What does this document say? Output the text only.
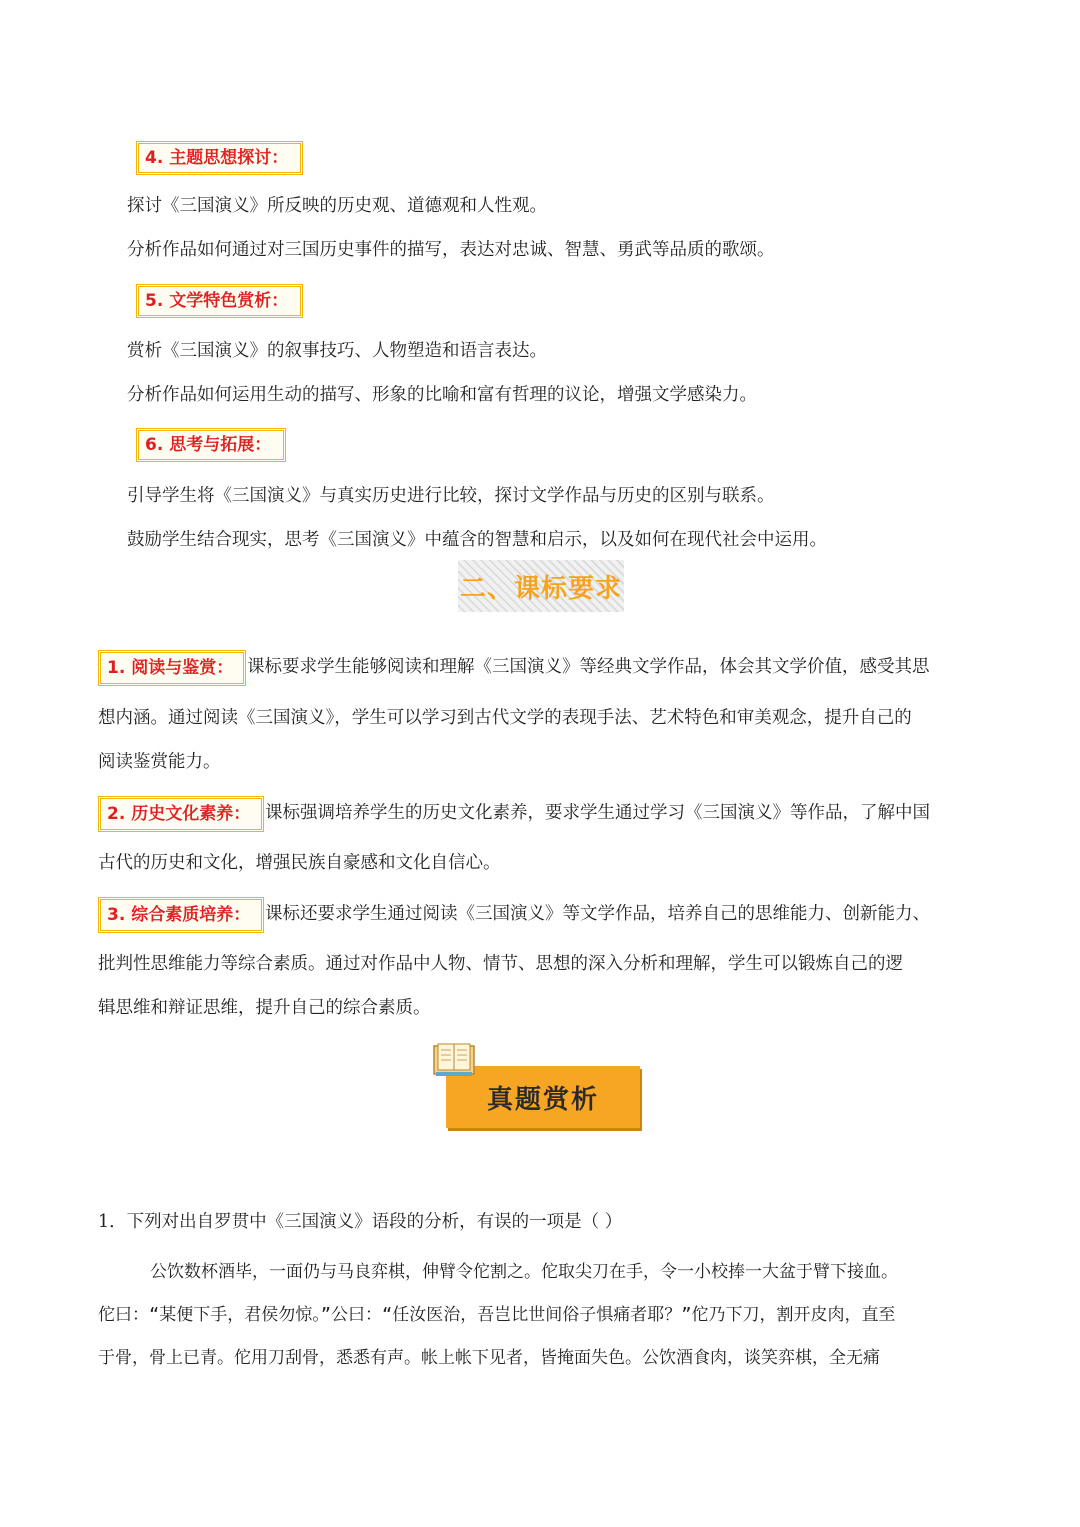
4. 主题思想探讨：
探讨《三国演义》所反映的历史观、道德观和人性观。
分析作品如何通过对三国历史事件的描写，表达对忠诚、智慧、勇武等品质的歌颂。
5. 文学特色赏析：
赏析《三国演义》的叙事技巧、人物塑造和语言表达。
分析作品如何运用生动的描写、形象的比喻和富有哲理的议论，增强文学感染力。
6. 思考与拓展：
引导学生将《三国演义》与真实历史进行比较，探讨文学作品与历史的区别与联系。
鼓励学生结合现实，思考《三国演义》中蕴含的智慧和启示，以及如何在现代社会中运用。
二、课标要求
1. 阅读与鉴赏： 课标要求学生能够阅读和理解《三国演义》等经典文学作品，体会其文学价值，感受其思
想内涵。通过阅读《三国演义》，学生可以学习到古代文学的表现手法、艺术特色和审美观念，提升自己的
阅读鉴赏能力。
2. 历史文化素养： 课标强调培养学生的历史文化素养，要求学生通过学习《三国演义》等作品，了解中国
古代的历史和文化，增强民族自豪感和文化自信心。
3. 综合素质培养： 课标还要求学生通过阅读《三国演义》等文学作品，培养自己的思维能力、创新能力、
批判性思维能力等综合素质。通过对作品中人物、情节、思想的深入分析和理解，学生可以锻炼自己的逻
辑思维和辩证思维，提升自己的综合素质。
真题赏析
1．下列对出自罗贯中《三国演义》语段的分析，有误的一项是（ ）
公饮数杯酒毕，一面仍与马良弈棋，伸臂令佗割之。佗取尖刀在手，令一小校捧一大盆于臂下接血。
佗曰：“某便下手，君侯勿惊。”公曰：“任汝医治，吾岂比世间俗子惧痛者耶？”佗乃下刀，割开皮肉，直至
于骨，骨上已青。佗用刀刮骨，悉悉有声。帐上帐下见者，皆掩面失色。公饮酒食肉，谈笑弈棋，全无痛
